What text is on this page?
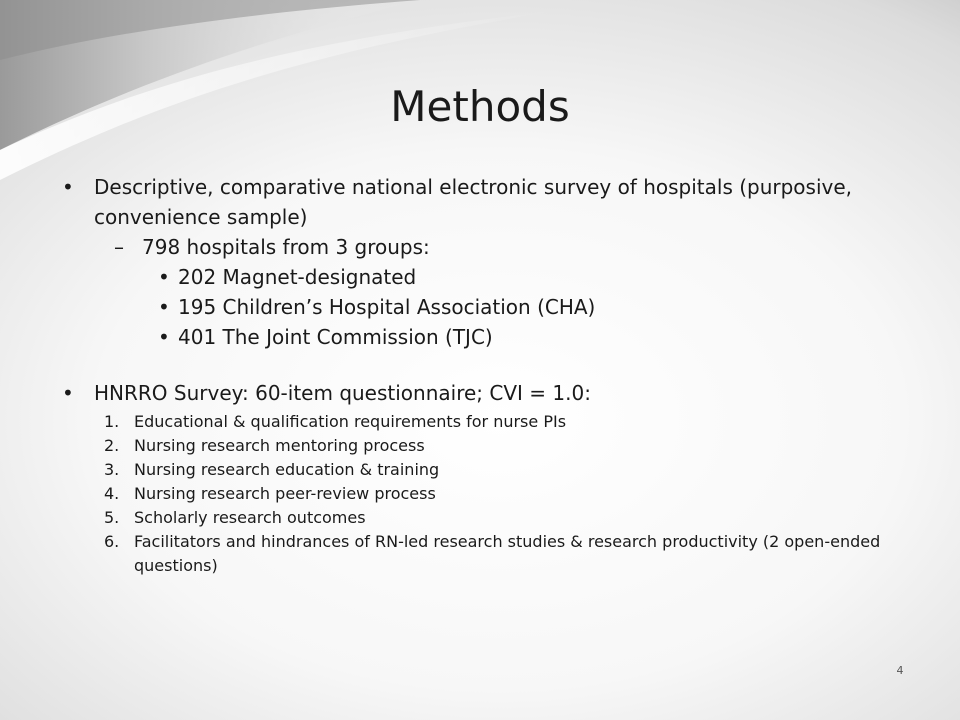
Methods
• Descriptive, comparative national electronic survey of hospitals (purposive, convenience sample)
– 798 hospitals from 3 groups:
• 202 Magnet-designated
• 195 Children’s Hospital Association (CHA)
• 401 The Joint Commission (TJC)
• HNRRO Survey: 60-item questionnaire; CVI = 1.0:
1. Educational & qualification requirements for nurse PIs
2. Nursing research mentoring process
3. Nursing research education & training
4. Nursing research peer-review process
5. Scholarly research outcomes
6. Facilitators and hindrances of RN-led research studies & research productivity (2 open-ended questions)
4
